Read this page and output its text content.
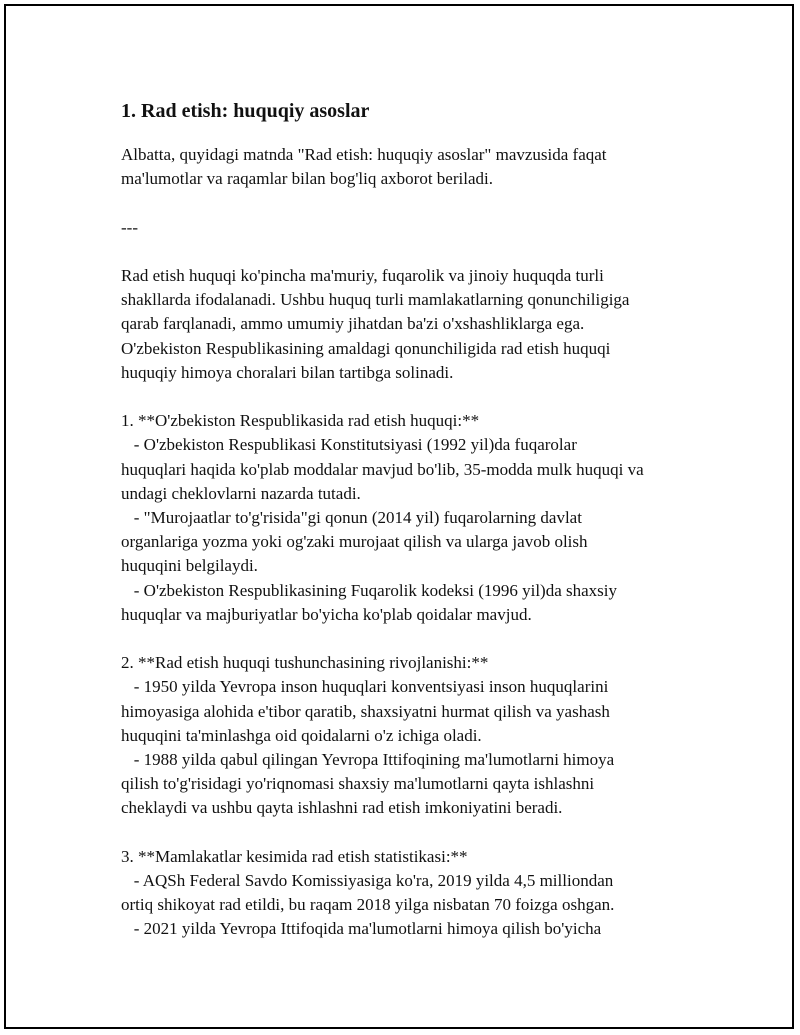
1. Rad etish: huquqiy asoslar

Albatta, quyidagi matnda "Rad etish: huquqiy asoslar" mavzusida faqat
ma'lumotlar va raqamlar bilan bog'liq axborot beriladi.

---

Rad etish huquqi ko'pincha ma'muriy, fuqarolik va jinoiy huquqda turli
shakllarda ifodalanadi. Ushbu huquq turli mamlakatlarning qonunchiligiga
qarab farqlanadi, ammo umumiy jihatdan ba'zi o'xshashliklarga ega.
O'zbekiston Respublikasining amaldagi qonunchiligida rad etish huquqi
huquqiy himoya choralari bilan tartibga solinadi.

1. **O'zbekiston Respublikasida rad etish huquqi:**

- O'zbekiston Respublikasi Konstitutsiyasi (1992 yil)da fuqarolar
huquqlari haqida ko'plab moddalar mavjud bo'lib, 35-modda mulk huquqi va
undagi cheklovlarni nazarda tutadi.

- "Murojaatlar to'g'risida"gi qonun (2014 yil) fuqarolarning davlat
organlariga yozma yoki og'zaki murojaat qilish va ularga javob olish
huquqini belgilaydi.

- O'zbekiston Respublikasining Fuqarolik kodeksi (1996 yil)da shaxsiy
huquqlar va majburiyatlar bo'yicha ko'plab qoidalar mavjud.

2. **Rad etish huquqi tushunchasining rivojlanishi:**

- 1950 yilda Yevropa inson huquqlari konventsiyasi inson huquqlarini
himoyasiga alohida e'tibor qaratib, shaxsiyatni hurmat qilish va yashash
huquqini ta'minlashga oid qoidalarni o'z ichiga oladi.

- 1988 yilda qabul qilingan Yevropa Ittifoqining ma'lumotlarni himoya
qilish to'g'risidagi yo'riqnomasi shaxsiy ma'lumotlarni qayta ishlashni
cheklaydi va ushbu qayta ishlashni rad etish imkoniyatini beradi.

3. **Mamlakatlar kesimida rad etish statistikasi:**

- AQSh Federal Savdo Komissiyasiga ko'ra, 2019 yilda 4,5 milliondan
ortiq shikoyat rad etildi, bu raqam 2018 yilga nisbatan 70 foizga oshgan.

- 2021 yilda Yevropa Ittifoqida ma'lumotlarni himoya qilish bo'yicha
